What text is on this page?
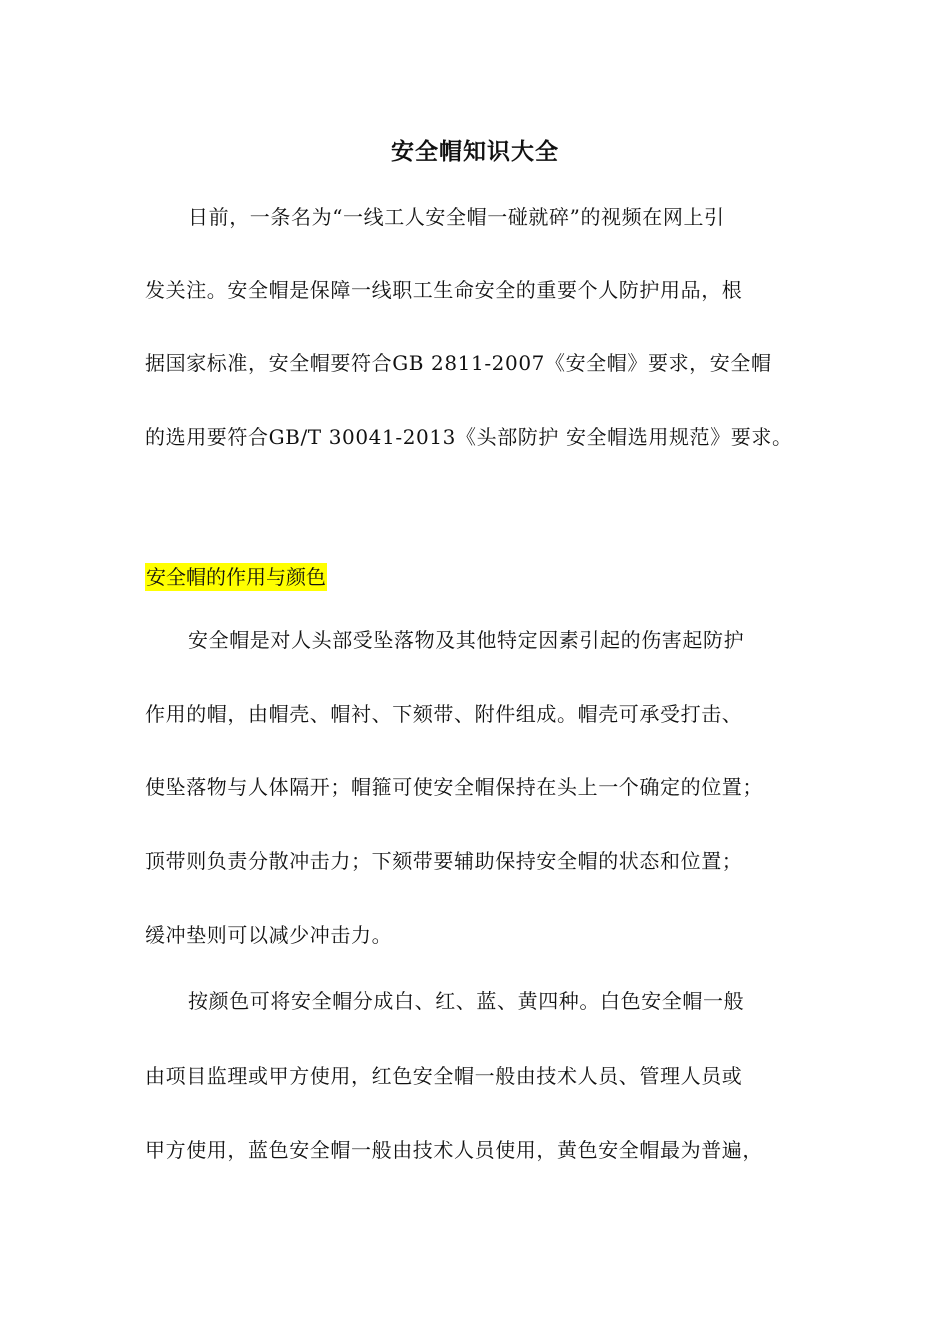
安全帽知识大全
日前，一条名为“一线工人安全帽一碰就碎”的视频在网上引
发关注。安全帽是保障一线职工生命安全的重要个人防护用品，根
据国家标准，安全帽要符合GB 2811-2007《安全帽》要求，安全帽
的选用要符合GB/T 30041-2013《头部防护 安全帽选用规范》要求。
安全帽的作用与颜色
安全帽是对人头部受坠落物及其他特定因素引起的伤害起防护
作用的帽，由帽壳、帽衬、下颏带、附件组成。帽壳可承受打击、
使坠落物与人体隔开；帽箍可使安全帽保持在头上一个确定的位置；
顶带则负责分散冲击力；下颏带要辅助保持安全帽的状态和位置；
缓冲垫则可以减少冲击力。
按颜色可将安全帽分成白、红、蓝、黄四种。白色安全帽一般
由项目监理或甲方使用，红色安全帽一般由技术人员、管理人员或
甲方使用，蓝色安全帽一般由技术人员使用，黄色安全帽最为普遍，
